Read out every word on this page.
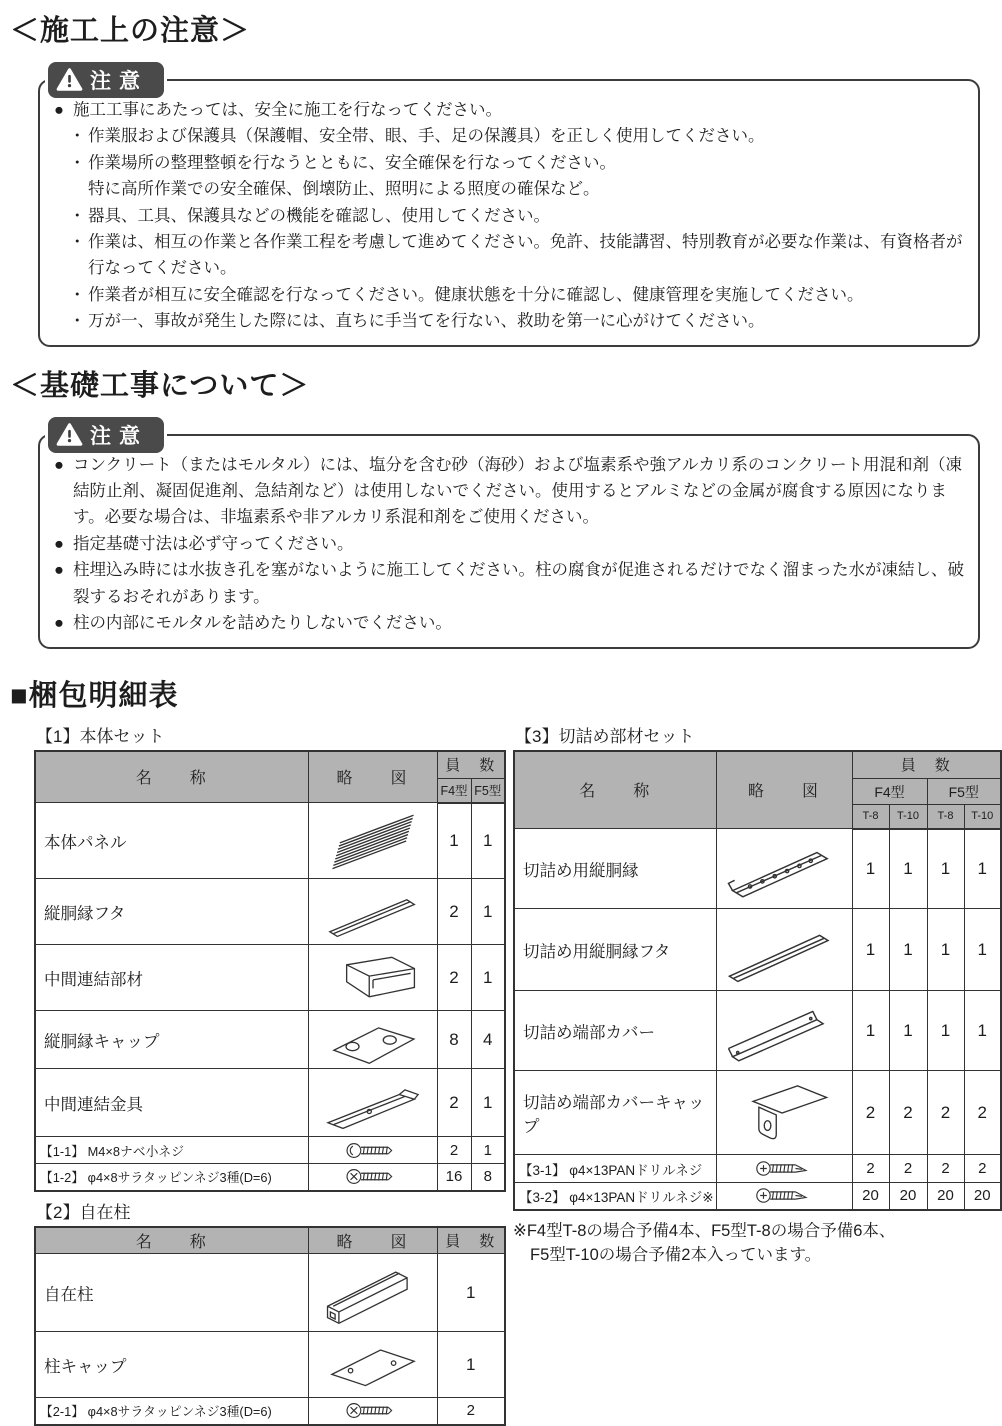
＜施工上の注意＞
注意
● 施工工事にあたっては、安全に施工を行なってください。
・ 作業服および保護具（保護帽、安全帯、眼、手、足の保護具）を正しく使用してください。
・ 作業場所の整理整頓を行なうとともに、安全確保を行なってください。
特に高所作業での安全確保、倒壊防止、照明による照度の確保など。
・ 器具、工具、保護具などの機能を確認し、使用してください。
・ 作業は、相互の作業と各作業工程を考慮して進めてください。免許、技能講習、特別教育が必要な作業は、有資格者が行なってください。
・ 作業者が相互に安全確認を行なってください。健康状態を十分に確認し、健康管理を実施してください。
・ 万が一、事故が発生した際には、直ちに手当てを行ない、救助を第一に心がけてください。
＜基礎工事について＞
注意
● コンクリート（またはモルタル）には、塩分を含む砂（海砂）および塩素系や強アルカリ系のコンクリート用混和剤（凍結防止剤、凝固促進剤、急結剤など）は使用しないでください。使用するとアルミなどの金属が腐食する原因になります。必要な場合は、非塩素系や非アルカリ系混和剤をご使用ください。
● 指定基礎寸法は必ず守ってください。
● 柱埋込み時には水抜き孔を塞がないように施工してください。柱の腐食が促進されるだけでなく溜まった水が凍結し、破裂するおそれがあります。
● 柱の内部にモルタルを詰めたりしないでください。
■梱包明細表
【1】本体セット
名　　称	略　　図	員　数	
		F4型	F5型
本体パネル		1	1
縦胴縁フタ		2	1
中間連結部材		2	1
縦胴縁キャップ		8	4
中間連結金具		2	1
【1-1】 M4×8ナベ小ネジ		2	1
【1-2】 φ4×8サラタッピンネジ3種(D=6)		16	8
【2】自在柱
名　　称	略　　図	員　数
自在柱		1
柱キャップ		1
【2-1】 φ4×8サラタッピンネジ3種(D=6)		2
【3】切詰め部材セット
名　　称	略　　図	員　数			
		F4型		F5型	
		T-8	T-10	T-8	T-10
切詰め用縦胴縁		1	1	1	1
切詰め用縦胴縁フタ		1	1	1	1
切詰め端部カバー		1	1	1	1
切詰め端部カバーキャップ		2	2	2	2
【3-1】 φ4×13PANドリルネジ		2	2	2	2
【3-2】 φ4×13PANドリルネジ※		20	20	20	20
※F4型T-8の場合予備4本、F5型T-8の場合予備6本、
F5型T-10の場合予備2本入っています。
